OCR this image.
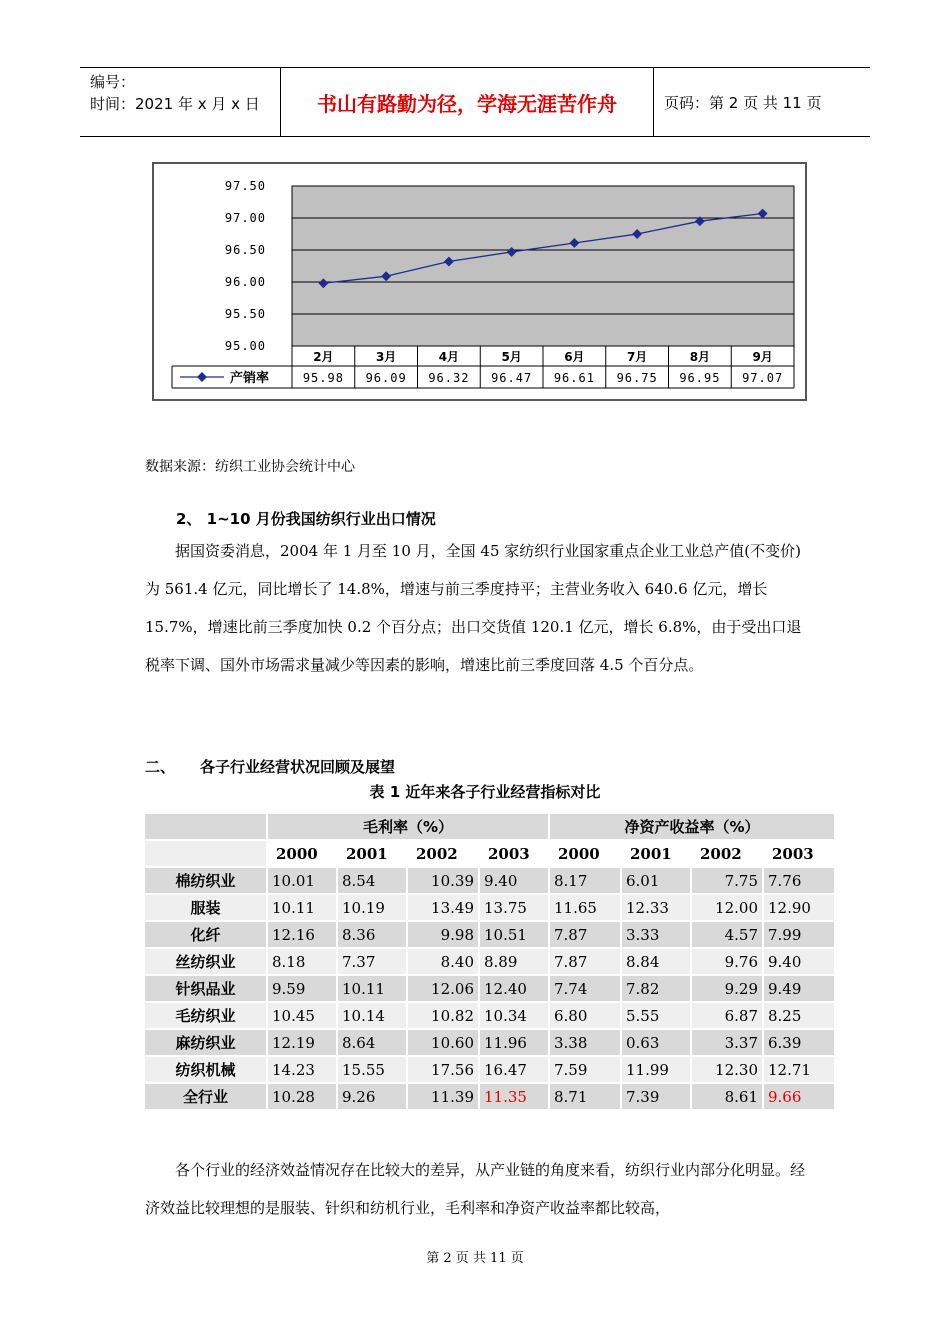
编号：
时间：2021 年 x 月 x 日	书山有路勤为径，学海无涯苦作舟	页码：第 2 页 共 11 页
97.50
97.00
96.50
96.00
95.50
95.00
2月	3月	4月	5月	6月	7月	8月	9月
95.98 96.09 96.32 96.47 96.61 96.75 96.95 97.07
产销率
数据来源：纺织工业协会统计中心
2、 1~10 月份我国纺织行业出口情况
据国资委消息，2004 年 1 月至 10 月，全国 45 家纺织行业国家重点企业工业总产值(不变价)为 561.4 亿元，同比增长了 14.8%，增速与前三季度持平；主营业务收入 640.6 亿元，增长 15.7%，增速比前三季度加快 0.2 个百分点；出口交货值 120.1 亿元，增长 6.8%，由于受出口退税率下调、国外市场需求量减少等因素的影响，增速比前三季度回落 4.5 个百分点。
二、 各子行业经营状况回顾及展望
表 1 近年来各子行业经营指标对比
	毛利率（%）				净资产收益率（%）			
	2000	2001	2002	2003	2000	2001	2002	2003
棉纺织业	10.01	8.54	10.39	9.40	8.17	6.01	7.75	7.76
服装	10.11	10.19	13.49	13.75	11.65	12.33	12.00	12.90
化纤	12.16	8.36	9.98	10.51	7.87	3.33	4.57	7.99
丝纺织业	8.18	7.37	8.40	8.89	7.87	8.84	9.76	9.40
针织品业	9.59	10.11	12.06	12.40	7.74	7.82	9.29	9.49
毛纺织业	10.45	10.14	10.82	10.34	6.80	5.55	6.87	8.25
麻纺织业	12.19	8.64	10.60	11.96	3.38	0.63	3.37	6.39
纺织机械	14.23	15.55	17.56	16.47	7.59	11.99	12.30	12.71
全行业	10.28	9.26	11.39	11.35	8.71	7.39	8.61	9.66
各个行业的经济效益情况存在比较大的差异，从产业链的角度来看，纺织行业内部分化明显。经济效益比较理想的是服装、针织和纺机行业，毛利率和净资产收益率都比较高，
第 2 页 共 11 页
